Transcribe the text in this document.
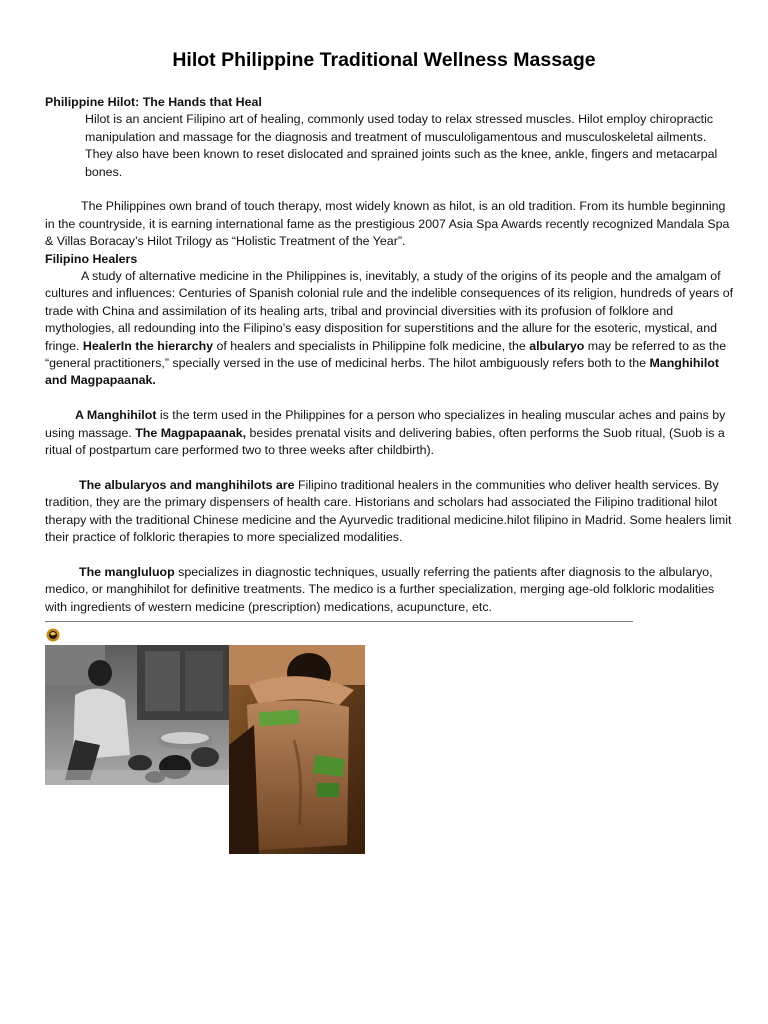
Hilot Philippine Traditional Wellness Massage

Philippine Hilot: The Hands that Heal

Hilot is an ancient Filipino art of healing, commonly used today to relax stressed muscles. Hilot employ chiropractic manipulation and massage for the diagnosis and treatment of musculoligamentous and musculoskeletal ailments. They also have been known to reset dislocated and sprained joints such as the knee, ankle, fingers and metacarpal bones.

The Philippines own brand of touch therapy, most widely known as hilot, is an old tradition. From its humble beginning in the countryside, it is earning international fame as the prestigious 2007 Asia Spa Awards recently recognized Mandala Spa & Villas Boracay’s Hilot Trilogy as “Holistic Treatment of the Year”.

Filipino Healers

A study of alternative medicine in the Philippines is, inevitably, a study of the origins of its people and the amalgam of cultures and influences: Centuries of Spanish colonial rule and the indelible consequences of its religion, hundreds of years of trade with China and assimilation of its healing arts, tribal and provincial diversities with its profusion of folklore and mythologies, all redounding into the Filipino’s easy disposition for superstitions and the allure for the esoteric, mystical, and fringe. HealerIn the hierarchy of healers and specialists in Philippine folk medicine, the albularyo may be referred to as the “general practitioners,” specially versed in the use of medicinal herbs. The hilot ambiguously refers both to the Manghihilot and Magpapaanak.

A Manghihilot is the term used in the Philippines for a person who specializes in healing muscular aches and pains by using massage. The Magpapaanak, besides prenatal visits and delivering babies, often performs the Suob ritual, (Suob is a ritual of postpartum care performed two to three weeks after childbirth).

The albularyos and manghihilots are Filipino traditional healers in the communities who deliver health services. By tradition, they are the primary dispensers of health care. Historians and scholars had associated the Filipino traditional hilot therapy with the traditional Chinese medicine and the Ayurvedic traditional medicine.hilot filipino in Madrid. Some healers limit their practice of folkloric therapies to more specialized modalities.

The mangluluop specializes in diagnostic techniques, usually referring the patients after diagnosis to the albularyo, medico, or manghihilot for definitive treatments. The medico is a further specialization, merging age-old folkloric modalities with ingredients of western medicine (prescription) medications, acupuncture, etc.
